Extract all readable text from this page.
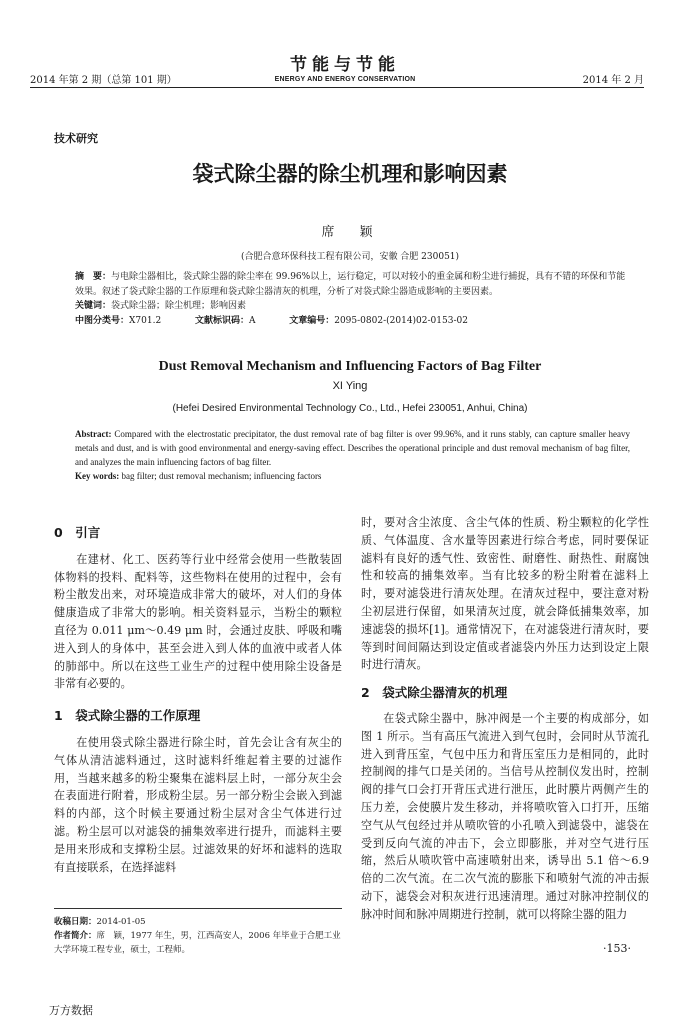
2014 年第 2 期（总第 101 期）
节能与节能
ENERGY AND ENERGY CONSERVATION	2014 年 2 月
技术研究
袋式除尘器的除尘机理和影响因素
席　颖
(合肥合意环保科技工程有限公司，安徽 合肥 230051)
摘　要：与电除尘器相比，袋式除尘器的除尘率在 99.96%以上，运行稳定，可以对较小的重金属和粉尘进行捕捉，具有不错的环保和节能效果。叙述了袋式除尘器的工作原理和袋式除尘器清灰的机理，分析了对袋式除尘器造成影响的主要因素。
关键词：袋式除尘器；除尘机理；影响因素
中图分类号：X701.2	文献标识码：A	文章编号：2095-0802-(2014)02-0153-02
Dust Removal Mechanism and Influencing Factors of Bag Filter
XI Ying
(Hefei Desired Environmental Technology Co., Ltd., Hefei 230051, Anhui, China)
Abstract: Compared with the electrostatic precipitator, the dust removal rate of bag filter is over 99.96%, and it runs stably, can capture smaller heavy metals and dust, and is with good environmental and energy-saving effect. Describes the operational principle and dust removal mechanism of bag filter, and analyzes the main influencing factors of bag filter.
Key words: bag filter; dust removal mechanism; influencing factors
0　引言

在建材、化工、医药等行业中经常会使用一些散装固体物料的投料、配料等，这些物料在使用的过程中，会有粉尘散发出来，对环境造成非常大的破坏，对人们的身体健康造成了非常大的影响。相关资料显示，当粉尘的颗粒直径为 0.011 μm～0.49 μm 时，会通过皮肤、呼吸和嘴进入到人的身体中，甚至会进入到人体的血液中或者人体的肺部中。所以在这些工业生产的过程中使用除尘设备是非常有必要的。

1　袋式除尘器的工作原理

在使用袋式除尘器进行除尘时，首先会让含有灰尘的气体从清洁滤料通过，这时滤料纤维起着主要的过滤作用，当越来越多的粉尘聚集在滤料层上时，一部分灰尘会在表面进行附着，形成粉尘层。另一部分粉尘会嵌入到滤料的内部，这个时候主要通过粉尘层对含尘气体进行过滤。粉尘层可以对滤袋的捕集效率进行提升，而滤料主要是用来形成和支撑粉尘层。过滤效果的好坏和滤料的选取有直接联系，在选择滤料

时，要对含尘浓度、含尘气体的性质、粉尘颗粒的化学性质、气体温度、含水量等因素进行综合考虑，同时要保证滤料有良好的透气性、致密性、耐磨性、耐热性、耐腐蚀性和较高的捕集效率。当有比较多的粉尘附着在滤料上时，要对滤袋进行清灰处理。在清灰过程中，要注意对粉尘初层进行保留，如果清灰过度，就会降低捕集效率，加速滤袋的损坏[1]。通常情况下，在对滤袋进行清灰时，要等到时间间隔达到设定值或者滤袋内外压力达到设定上限时进行清灰。

2　袋式除尘器清灰的机理

在袋式除尘器中，脉冲阀是一个主要的构成部分，如图 1 所示。当有高压气流进入到气包时，会同时从节流孔进入到背压室，气包中压力和背压室压力是相同的，此时控制阀的排气口是关闭的。当信号从控制仪发出时，控制阀的排气口会打开背压式进行泄压，此时膜片两侧产生的压力差，会使膜片发生移动，并将喷吹管入口打开，压缩空气从气包经过并从喷吹管的小孔喷入到滤袋中，滤袋在受到反向气流的冲击下，会立即膨胀，并对空气进行压缩，然后从喷吹管中高速喷射出来，诱导出 5.1 倍～6.9 倍的二次气流。在二次气流的膨胀下和喷射气流的冲击振动下，滤袋会对积灰进行迅速清理。通过对脉冲控制仪的脉冲时间和脉冲周期进行控制，就可以将除尘器的阻力

收稿日期：2014-01-05
作者简介：席　颖，1977 年生，男，江西高安人，2006 年毕业于合肥工业大学环境工程专业，硕士，工程师。	·153·
万方数据
